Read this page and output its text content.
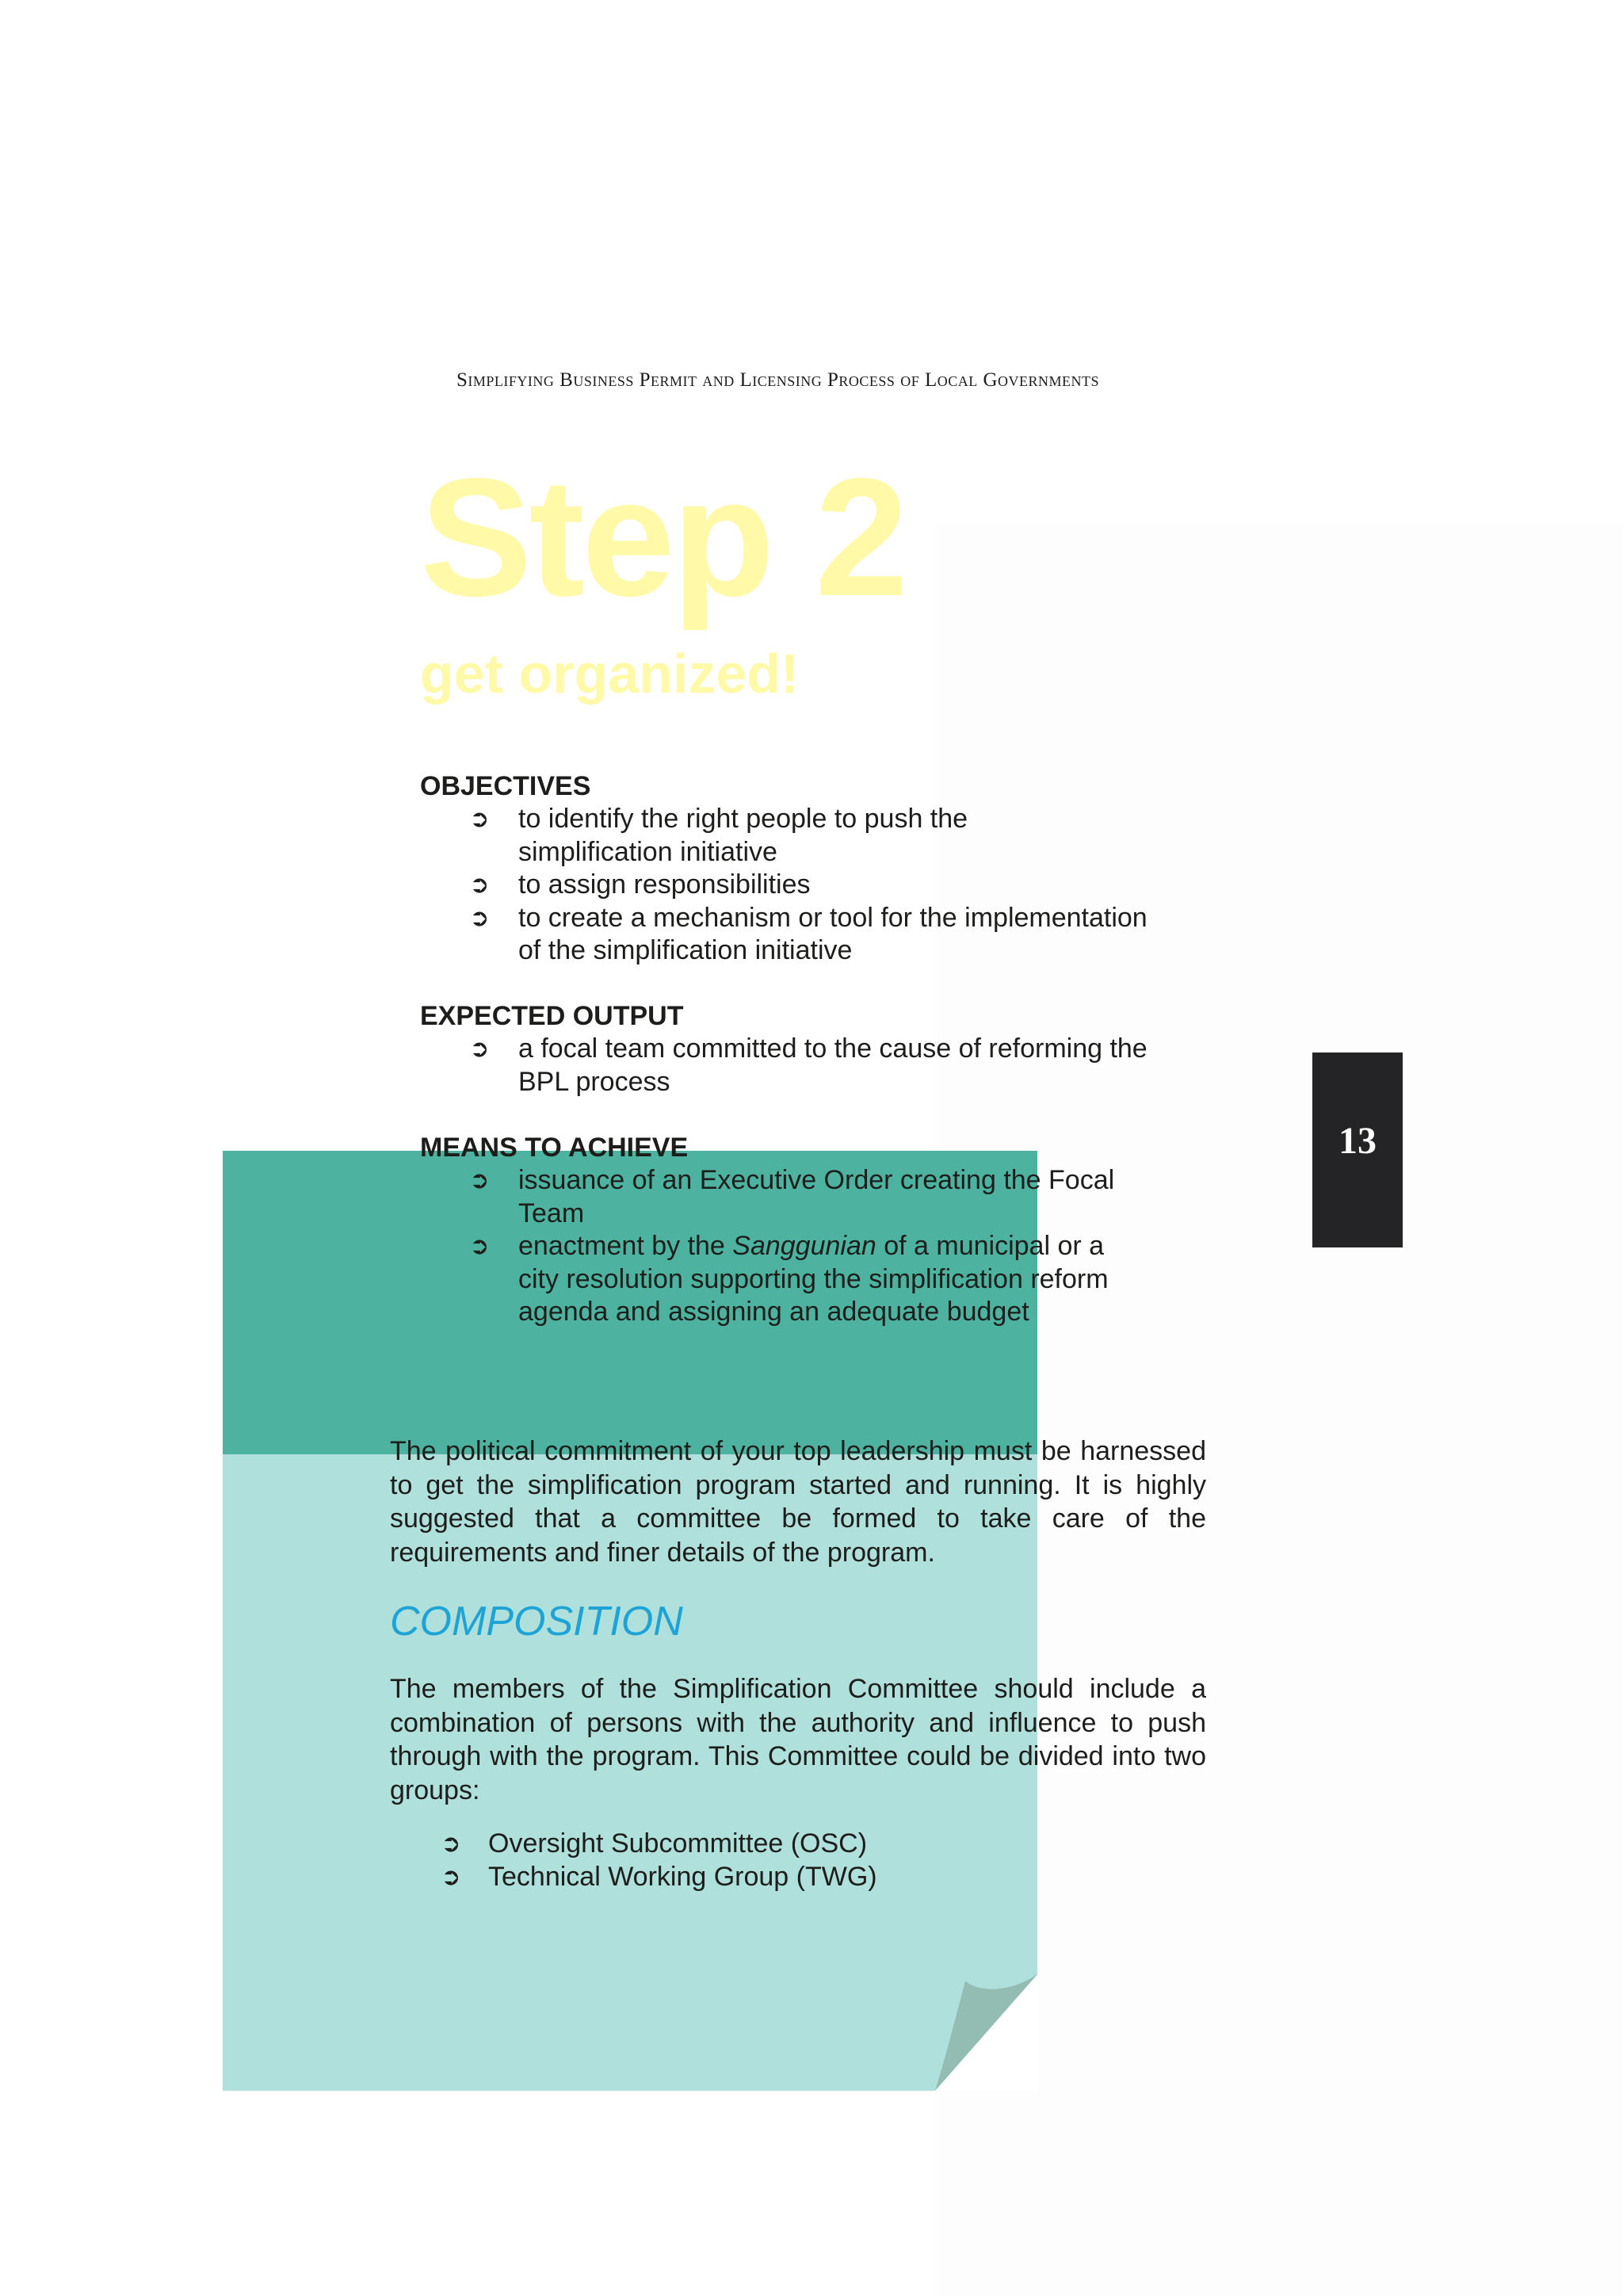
Simplifying Business Permit and Licensing Process of Local Governments
Step 2
get organized!
13
OBJECTIVES
➲ to identify the right people to push the
simplification initiative
➲ to assign responsibilities
➲ to create a mechanism or tool for the implementation
of the simplification initiative
EXPECTED OUTPUT
➲ a focal team committed to the cause of reforming the
BPL process
MEANS TO ACHIEVE
➲ issuance of an Executive Order creating the Focal
Team
➲ enactment by the Sanggunian of a municipal or a
city resolution supporting the simplification reform
agenda and assigning an adequate budget
The political commitment of your top leadership must be harnessed to get the simplification program started and running. It is highly suggested that a committee be formed to take care of the requirements and finer details of the program.
COMPOSITION
The members of the Simplification Committee should include a combination of persons with the authority and influence to push through with the program. This Committee could be divided into two groups:
➲ Oversight Subcommittee (OSC)
➲ Technical Working Group (TWG)
